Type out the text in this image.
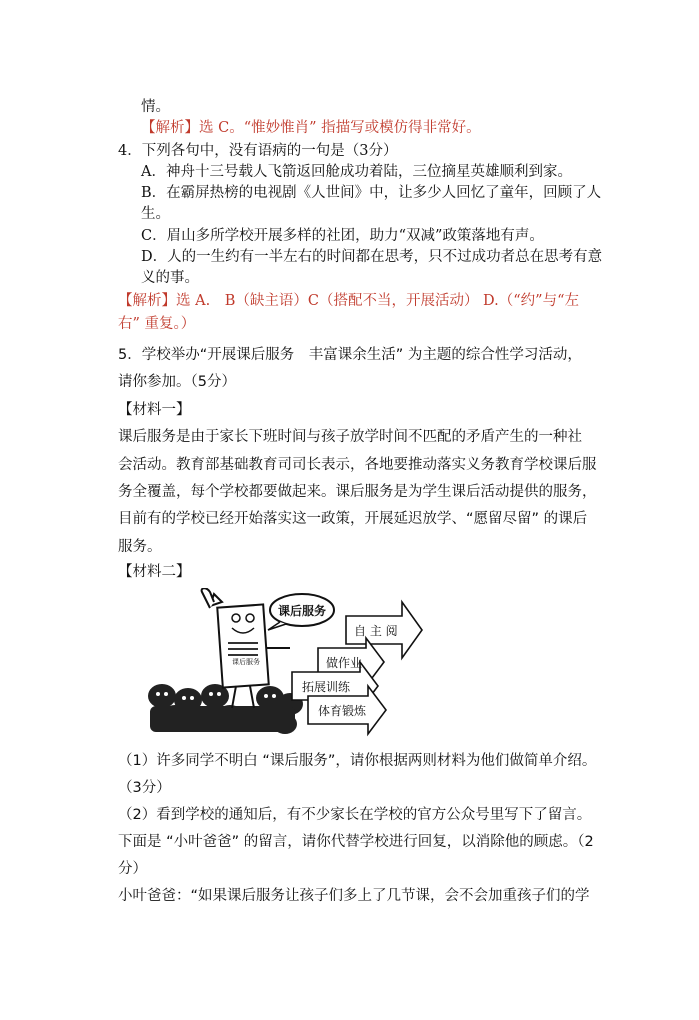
情。
【解析】选 C。“惟妙惟肖” 指描写或模仿得非常好。
4．下列各句中，没有语病的一句是（3分）
A．神舟十三号载人飞箭返回舱成功着陆，三位摘星英雄顺利到家。
B．在霸屏热榜的电视剧《人世间》中，让多少人回忆了童年，回顾了人
生。
C．眉山多所学校开展多样的社团，助力“双减”政策落地有声。
D．人的一生约有一半左右的时间都在思考，只不过成功者总在思考有意
义的事。
【解析】选 A.　B（缺主语）C（搭配不当，开展活动） D.（“约”与“左
右” 重复。）
5．学校举办“开展课后服务　丰富课余生活” 为主题的综合性学习活动，
请你参加。（5分）
【材料一】
课后服务是由于家长下班时间与孩子放学时间不匹配的矛盾产生的一种社
会活动。教育部基础教育司司长表示，各地要推动落实义务教育学校课后服
务全覆盖，每个学校都要做起来。课后服务是为学生课后活动提供的服务，
目前有的学校已经开始落实这一政策，开展延迟放学、“愿留尽留” 的课后
服务。
【材料二】
课后服务
课后服务
自 主 阅
做作业
拓展训练
体育锻炼
（1）许多同学不明白 “课后服务”，请你根据两则材料为他们做简单介绍。
（3分）
（2）看到学校的通知后，有不少家长在学校的官方公众号里写下了留言。
下面是 “小叶爸爸” 的留言，请你代替学校进行回复，以消除他的顾虑。（2
分）
小叶爸爸：“如果课后服务让孩子们多上了几节课，会不会加重孩子们的学
